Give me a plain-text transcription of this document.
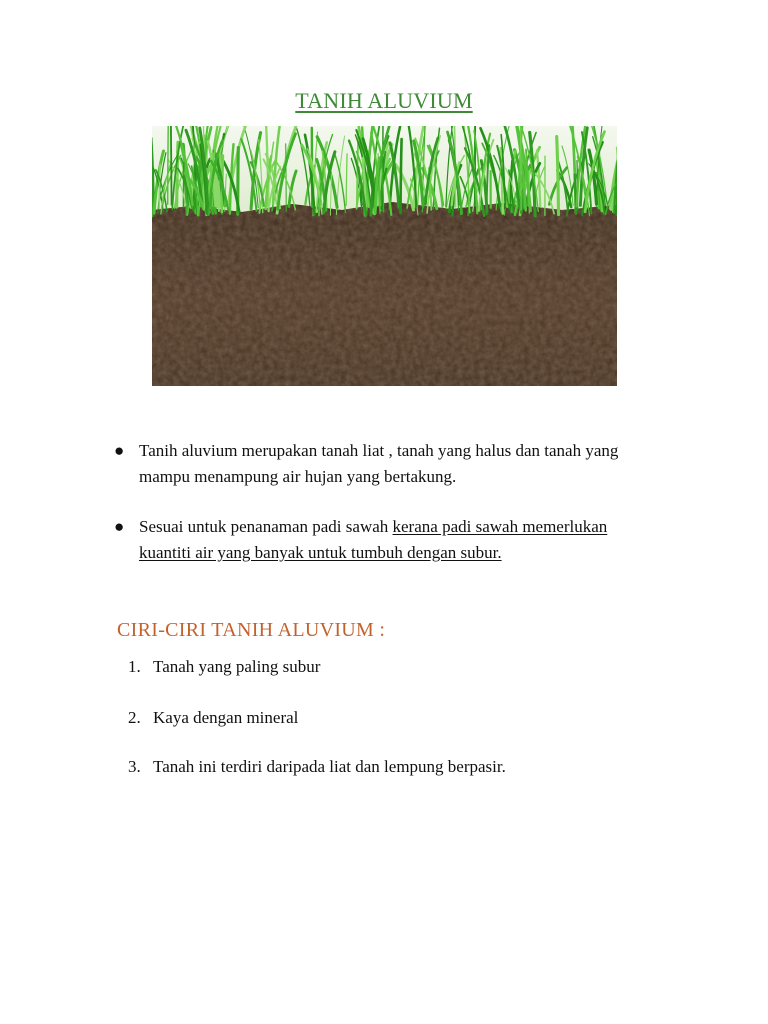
TANIH ALUVIUM
● Tanih aluvium merupakan tanah liat , tanah yang halus dan tanah yang mampu menampung air hujan yang bertakung.
● Sesuai untuk penanaman padi sawah kerana padi sawah memerlukan kuantiti air yang banyak untuk tumbuh dengan subur.
CIRI-CIRI TANIH ALUVIUM :
1. Tanah yang paling subur
2. Kaya dengan mineral
3. Tanah ini terdiri daripada liat dan lempung berpasir.
